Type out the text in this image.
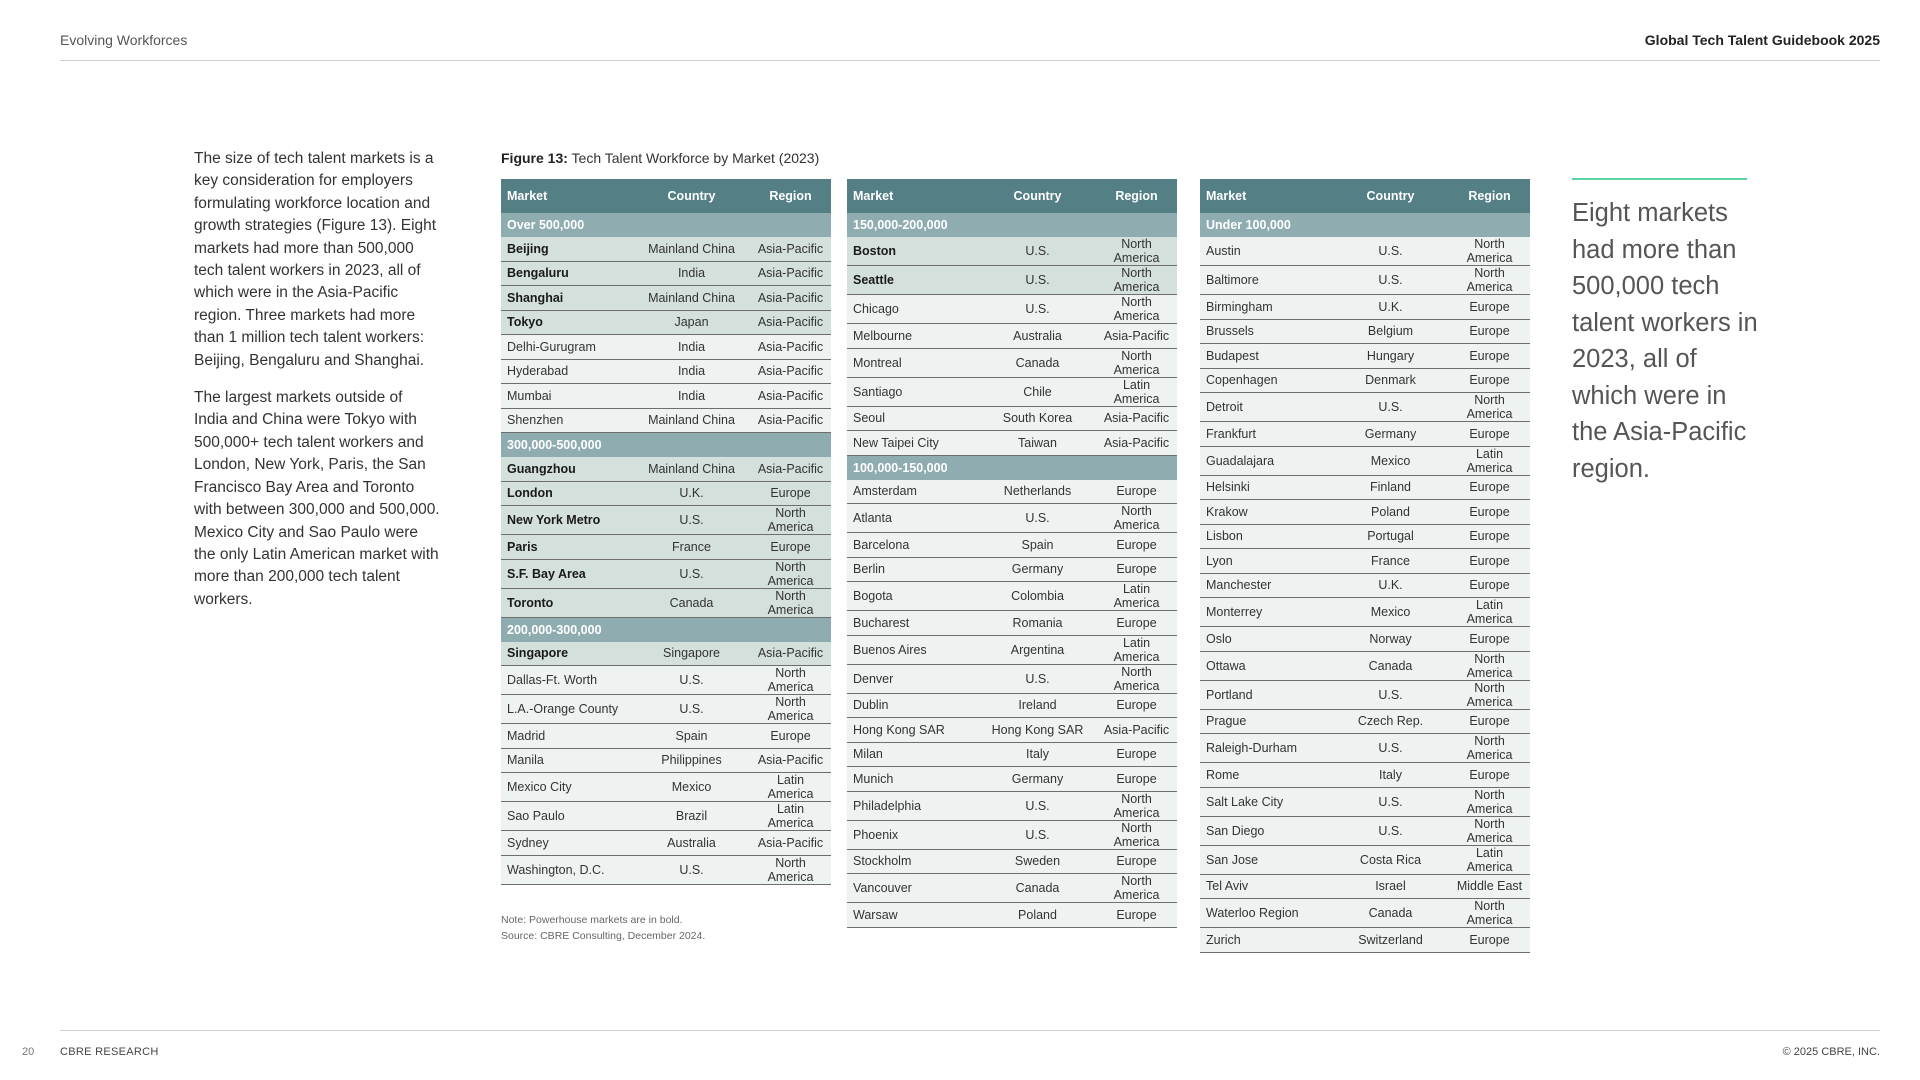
Evolving Workforces	Global Tech Talent Guidebook 2025

The size of tech talent markets is a key consideration for employers formulating workforce location and growth strategies (Figure 13). Eight markets had more than 500,000 tech talent workers in 2023, all of which were in the Asia-Pacific region. Three markets had more than 1 million tech talent workers: Beijing, Bengaluru and Shanghai.

The largest markets outside of India and China were Tokyo with 500,000+ tech talent workers and London, New York, Paris, the San Francisco Bay Area and Toronto with between 300,000 and 500,000. Mexico City and Sao Paulo were the only Latin American market with more than 200,000 tech talent workers.

Figure 13: Tech Talent Workforce by Market (2023)
Market	Country	Region
Over 500,000		
Beijing	Mainland China	Asia-Pacific
Bengaluru	India	Asia-Pacific
Shanghai	Mainland China	Asia-Pacific
Tokyo	Japan	Asia-Pacific
Delhi-Gurugram	India	Asia-Pacific
Hyderabad	India	Asia-Pacific
Mumbai	India	Asia-Pacific
Shenzhen	Mainland China	Asia-Pacific
300,000-500,000		
Guangzhou	Mainland China	Asia-Pacific
London	U.K.	Europe
New York Metro	U.S.	North America
Paris	France	Europe
S.F. Bay Area	U.S.	North America
Toronto	Canada	North America
200,000-300,000		
Singapore	Singapore	Asia-Pacific
Dallas-Ft. Worth	U.S.	North America
L.A.-Orange County	U.S.	North America
Madrid	Spain	Europe
Manila	Philippines	Asia-Pacific
Mexico City	Mexico	Latin America
Sao Paulo	Brazil	Latin America
Sydney	Australia	Asia-Pacific
Washington, D.C.	U.S.	North America
Market	Country	Region
150,000-200,000		
Boston	U.S.	North America
Seattle	U.S.	North America
Chicago	U.S.	North America
Melbourne	Australia	Asia-Pacific
Montreal	Canada	North America
Santiago	Chile	Latin America
Seoul	South Korea	Asia-Pacific
New Taipei City	Taiwan	Asia-Pacific
100,000-150,000		
Amsterdam	Netherlands	Europe
Atlanta	U.S.	North America
Barcelona	Spain	Europe
Berlin	Germany	Europe
Bogota	Colombia	Latin America
Bucharest	Romania	Europe
Buenos Aires	Argentina	Latin America
Denver	U.S.	North America
Dublin	Ireland	Europe
Hong Kong SAR	Hong Kong SAR	Asia-Pacific
Milan	Italy	Europe
Munich	Germany	Europe
Philadelphia	U.S.	North America
Phoenix	U.S.	North America
Stockholm	Sweden	Europe
Vancouver	Canada	North America
Warsaw	Poland	Europe
Market	Country	Region
Under 100,000		
Austin	U.S.	North America
Baltimore	U.S.	North America
Birmingham	U.K.	Europe
Brussels	Belgium	Europe
Budapest	Hungary	Europe
Copenhagen	Denmark	Europe
Detroit	U.S.	North America
Frankfurt	Germany	Europe
Guadalajara	Mexico	Latin America
Helsinki	Finland	Europe
Krakow	Poland	Europe
Lisbon	Portugal	Europe
Lyon	France	Europe
Manchester	U.K.	Europe
Monterrey	Mexico	Latin America
Oslo	Norway	Europe
Ottawa	Canada	North America
Portland	U.S.	North America
Prague	Czech Rep.	Europe
Raleigh-Durham	U.S.	North America
Rome	Italy	Europe
Salt Lake City	U.S.	North America
San Diego	U.S.	North America
San Jose	Costa Rica	Latin America
Tel Aviv	Israel	Middle East
Waterloo Region	Canada	North America
Zurich	Switzerland	Europe
Note: Powerhouse markets are in bold.
Source: CBRE Consulting, December 2024.
Eight markets had more than 500,000 tech talent workers in 2023, all of which were in the Asia-Pacific region.
20 CBRE RESEARCH	© 2025 CBRE, INC.
